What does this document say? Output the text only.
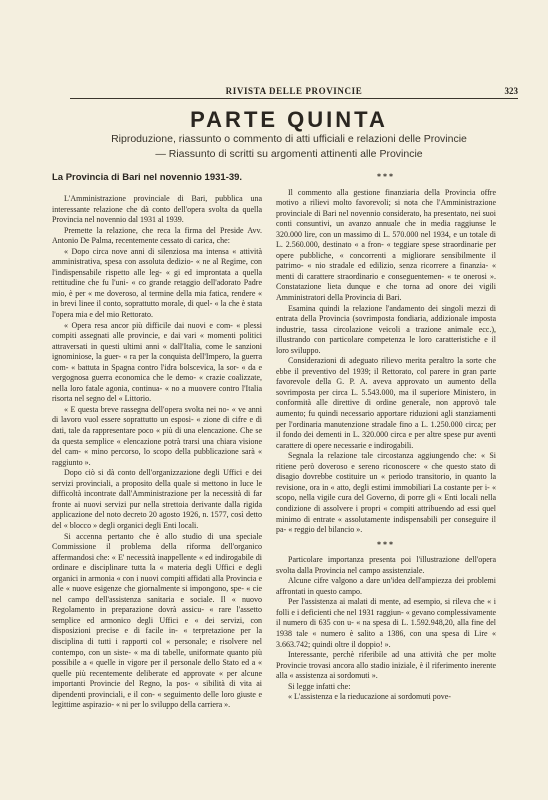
RIVISTA DELLE PROVINCIE	323
PARTE QUINTA
Riproduzione, riassunto o commento di atti ufficiali e relazioni delle Provincie
— Riassunto di scritti su argomenti attinenti alle Provincie

La Provincia di Bari nel novennio 1931-39.

L'Amministrazione provinciale di Bari, pubblica una interessante relazione che dà conto dell'opera svolta da quella Provincia nel novennio dal 1931 al 1939.

Premette la relazione, che reca la firma del Preside Avv. Antonio De Palma, recentemente cessato di carica, che:

« Dopo circa nove anni di silenziosa ma intensa « attività amministrativa, spesa con assoluta dedizio- « ne al Regime, con l'indispensabile rispetto alle leg- « gi ed improntata a quella rettitudine che fu l'uni- « co grande retaggio dell'adorato Padre mio, è per « me doveroso, al termine della mia fatica, rendere « in brevi linee il conto, soprattutto morale, di quel- « la che è stata l'opera mia e del mio Rettorato.

« Opera resa ancor più difficile dai nuovi e com- « plessi compiti assegnati alle provincie, e dai vari « momenti politici attraversati in questi ultimi anni « dall'Italia, come le sanzioni ignominiose, la guer- « ra per la conquista dell'Impero, la guerra com- « battuta in Spagna contro l'idra bolscevica, la sor- « da e vergognosa guerra economica che le demo- « crazie coalizzate, nella loro fatale agonia, continua- « no a muovere contro l'Italia risorta nel segno del « Littorio.

« E questa breve rassegna dell'opera svolta nei no- « ve anni di lavoro vuol essere soprattutto un esposi- « zione di cifre e di dati, tale da rappresentare poco « più di una elencazione. Che se da questa semplice « elencazione potrà trarsi una chiara visione del cam- « mino percorso, lo scopo della pubblicazione sarà « raggiunto ».

Dopo ciò si dà conto dell'organizzazione degli Uffici e dei servizi provinciali, a proposito della quale si mettono in luce le difficoltà incontrate dall'Amministrazione per la necessità di far fronte ai nuovi servizi pur nella strettoia derivante dalla rigida applicazione del noto decreto 20 agosto 1926, n. 1577, così detto del « blocco » degli organici degli Enti locali.

Si accenna pertanto che è allo studio di una speciale Commissione il problema della riforma dell'organico affermandosi che: « E' necessità inappellente « ed indirogabile di ordinare e disciplinare tutta la « materia degli Uffici e degli organici in armonia « con i nuovi compiti affidati alla Provincia e alle « nuove esigenze che giornalmente si impongono, spe- « cie nel campo dell'assistenza sanitaria e sociale. Il « nuovo Regolamento in preparazione dovrà assicu- « rare l'assetto semplice ed armonico degli Uffici e « dei servizi, con disposizioni precise e di facile in- « terpretazione per la disciplina di tutti i rapporti col « personale; e risolvere nel contempo, con un siste- « ma di tabelle, uniformate quanto più possibile a « quelle in vigore per il personale dello Stato ed a « quelle più recentemente deliberate ed approvate « per alcune importanti Provincie del Regno, la pos- « sibilità di vita ai dipendenti provinciali, e il con- « seguimento delle loro giuste e legittime aspirazio- « ni per lo sviluppo della carriera ».

***

Il commento alla gestione finanziaria della Provincia offre motivo a rilievi molto favorevoli; si nota che l'Amministrazione provinciale di Bari nel novennio considerato, ha presentato, nei suoi conti consuntivi, un avanzo annuale che in media raggiunse le 320.000 lire, con un massimo di L. 570.000 nel 1934, e un totale di L. 2.560.000, destinato « a fron- « teggiare spese straordinarie per opere pubbliche, « concorrenti a migliorare sensibilmente il patrimo- « nio stradale ed edilizio, senza ricorrere a finanzia- « menti di carattere straordinario e conseguentemen- « te onerosi ». Constatazione lieta dunque e che torna ad onore dei vigili Amministratori della Provincia di Bari.

Esamina quindi la relazione l'andamento dei singoli mezzi di entrata della Provincia (sovrimposta fondiaria, addizionale imposta industrie, tassa circolazione veicoli a trazione animale ecc.), illustrando con particolare competenza le loro caratteristiche e il loro sviluppo.

Considerazioni di adeguato rilievo merita peraltro la sorte che ebbe il preventivo del 1939; il Rettorato, col parere in gran parte favorevole della G. P. A. aveva approvato un aumento della sovrimposta per circa L. 5.543.000, ma il superiore Ministero, in conformità alle direttive di ordine generale, non approvò tale aumento; fu quindi necessario apportare riduzioni agli stanziamenti per l'ordinaria manutenzione stradale fino a L. 1.250.000 circa; per il fondo dei dementi in L. 320.000 circa e per altre spese pur aventi carattere di opere necessarie e indirogabili.

Segnala la relazione tale circostanza aggiungendo che: « Si ritiene però doveroso e sereno riconoscere « che questo stato di disagio dovrebbe costituire un « periodo transitorio, in quanto la revisione, ora in « atto, degli estimi immobiliari La costante per i- « scopo, nella vigile cura del Governo, di porre gli « Enti locali nella condizione di assolvere i propri « compiti attribuendo ad essi quel minimo di entrate « assolutamente indispensabili per conseguire il pa- « reggio del bilancio ».

***

Particolare importanza presenta poi l'illustrazione dell'opera svolta dalla Provincia nel campo assistenziale.

Alcune cifre valgono a dare un'idea dell'ampiezza dei problemi affrontati in questo campo.

Per l'assistenza ai malati di mente, ad esempio, si rileva che « i folli e i deficienti che nel 1931 raggiun- « gevano complessivamente il numero di 635 con u- « na spesa di L. 1.592.948,20, alla fine del 1938 tale « numero è salito a 1386, con una spesa di Lire « 3.663.742; quindi oltre il doppio! ».

Interessante, perchè riferibile ad una attività che per molte Provincie trovasi ancora allo stadio iniziale, è il riferimento inerente alla « assistenza ai sordomuti ».

Si legge infatti che:

« L'assistenza e la rieducazione ai sordomuti pove-
